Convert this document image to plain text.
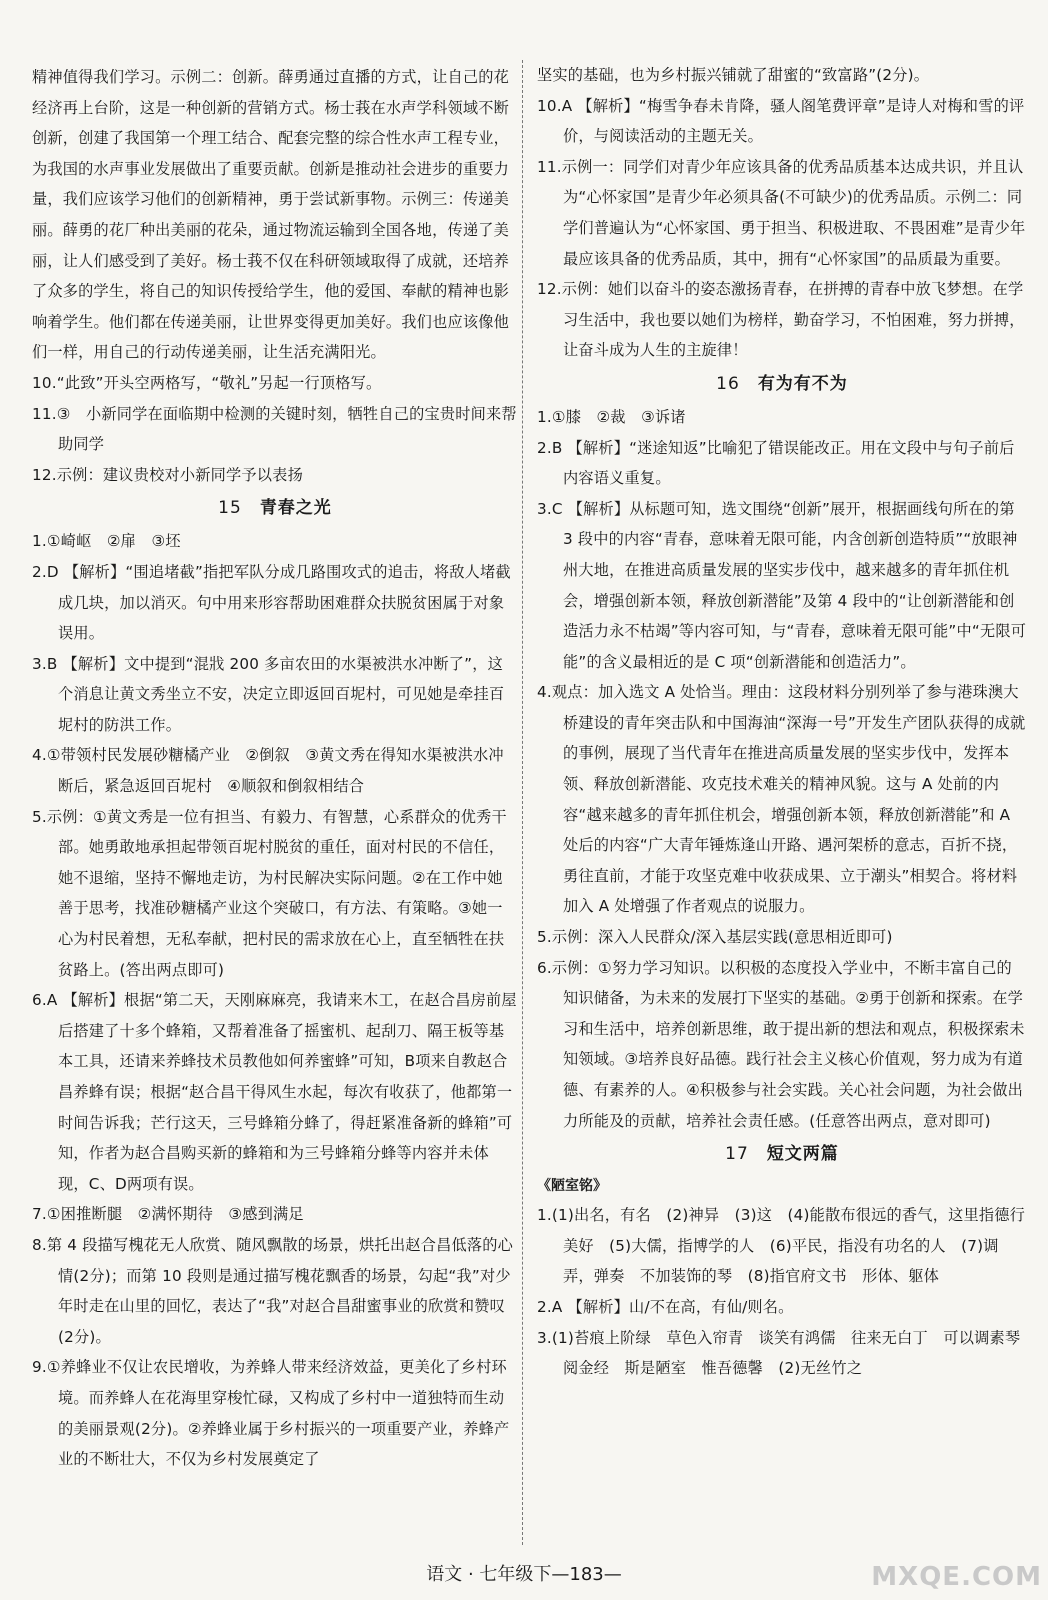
精神值得我们学习。示例二：创新。薛勇通过直播的方式，让自己的花经济再上台阶，这是一种创新的营销方式。杨士莪在水声学科领域不断创新，创建了我国第一个理工结合、配套完整的综合性水声工程专业，为我国的水声事业发展做出了重要贡献。创新是推动社会进步的重要力量，我们应该学习他们的创新精神，勇于尝试新事物。示例三：传递美丽。薛勇的花厂种出美丽的花朵，通过物流运输到全国各地，传递了美丽，让人们感受到了美好。杨士莪不仅在科研领域取得了成就，还培养了众多的学生，将自己的知识传授给学生，他的爱国、奉献的精神也影响着学生。他们都在传递美丽，让世界变得更加美好。我们也应该像他们一样，用自己的行动传递美丽，让生活充满阳光。
10.“此致”开头空两格写，“敬礼”另起一行顶格写。
11.③　小新同学在面临期中检测的关键时刻，牺牲自己的宝贵时间来帮助同学
12.示例：建议贵校对小新同学予以表扬
15 青春之光
1.①崎岖　②扉　③坯
2.D 【解析】“围追堵截”指把军队分成几路围攻式的追击，将敌人堵截成几块，加以消灭。句中用来形容帮助困难群众扶脱贫困属于对象误用。
3.B 【解析】文中提到“混戕 200 多亩农田的水渠被洪水冲断了”，这个消息让黄文秀坐立不安，决定立即返回百坭村，可见她是牵挂百坭村的防洪工作。
4.①带领村民发展砂糖橘产业　②倒叙　③黄文秀在得知水渠被洪水冲断后，紧急返回百坭村　④顺叙和倒叙相结合
5.示例：①黄文秀是一位有担当、有毅力、有智慧，心系群众的优秀干部。她勇敢地承担起带领百坭村脱贫的重任，面对村民的不信任，她不退缩，坚持不懈地走访，为村民解决实际问题。②在工作中她善于思考，找准砂糖橘产业这个突破口，有方法、有策略。③她一心为村民着想，无私奉献，把村民的需求放在心上，直至牺牲在扶贫路上。(答出两点即可)
6.A 【解析】根据“第二天，天刚麻麻亮，我请来木工，在赵合昌房前屋后搭建了十多个蜂箱，又帮着准备了摇蜜机、起刮刀、隔王板等基本工具，还请来养蜂技术员教他如何养蜜蜂”可知，B项来自教赵合昌养蜂有误；根据“赵合昌干得风生水起，每次有收获了，他都第一时间告诉我；芒行这天，三号蜂箱分蜂了，得赶紧准备新的蜂箱”可知，作者为赵合昌购买新的蜂箱和为三号蜂箱分蜂等内容并未体现，C、D两项有误。
7.①困推断腿　②满怀期待　③感到满足
8.第 4 段描写槐花无人欣赏、随风飘散的场景，烘托出赵合昌低落的心情(2分)；而第 10 段则是通过描写槐花飘香的场景，勾起“我”对少年时走在山里的回忆，表达了“我”对赵合昌甜蜜事业的欣赏和赞叹(2分)。
9.①养蜂业不仅让农民增收，为养蜂人带来经济效益，更美化了乡村环境。而养蜂人在花海里穿梭忙碌，又构成了乡村中一道独特而生动的美丽景观(2分)。②养蜂业属于乡村振兴的一项重要产业，养蜂产业的不断壮大，不仅为乡村发展奠定了
坚实的基础，也为乡村振兴铺就了甜蜜的“致富路”(2分)。
10.A 【解析】“梅雪争春未肯降，骚人阁笔费评章”是诗人对梅和雪的评价，与阅读活动的主题无关。
11.示例一：同学们对青少年应该具备的优秀品质基本达成共识，并且认为“心怀家国”是青少年必须具备(不可缺少)的优秀品质。示例二：同学们普遍认为“心怀家国、勇于担当、积极进取、不畏困难”是青少年最应该具备的优秀品质，其中，拥有“心怀家国”的品质最为重要。
12.示例：她们以奋斗的姿态激扬青春，在拼搏的青春中放飞梦想。在学习生活中，我也要以她们为榜样，勤奋学习，不怕困难，努力拼搏，让奋斗成为人生的主旋律！
16 有为有不为
1.①膝　②裁　③诉诸
2.B 【解析】“迷途知返”比喻犯了错误能改正。用在文段中与句子前后内容语义重复。
3.C 【解析】从标题可知，选文围绕“创新”展开，根据画线句所在的第 3 段中的内容“青春，意味着无限可能，内含创新创造特质”“放眼神州大地，在推进高质量发展的坚实步伐中，越来越多的青年抓住机会，增强创新本领，释放创新潜能”及第 4 段中的“让创新潜能和创造活力永不枯竭”等内容可知，与“青春，意味着无限可能”中“无限可能”的含义最相近的是 C 项“创新潜能和创造活力”。
4.观点：加入选文 A 处恰当。理由：这段材料分别列举了参与港珠澳大桥建设的青年突击队和中国海油“深海一号”开发生产团队获得的成就的事例，展现了当代青年在推进高质量发展的坚实步伐中，发挥本领、释放创新潜能、攻克技术难关的精神风貌。这与 A 处前的内容“越来越多的青年抓住机会，增强创新本领，释放创新潜能”和 A 处后的内容“广大青年锤炼逢山开路、遇河架桥的意志，百折不挠，勇往直前，才能于攻坚克难中收获成果、立于潮头”相契合。将材料加入 A 处增强了作者观点的说服力。
5.示例：深入人民群众/深入基层实践(意思相近即可)
6.示例：①努力学习知识。以积极的态度投入学业中，不断丰富自己的知识储备，为未来的发展打下坚实的基础。②勇于创新和探索。在学习和生活中，培养创新思维，敢于提出新的想法和观点，积极探索未知领域。③培养良好品德。践行社会主义核心价值观，努力成为有道德、有素养的人。④积极参与社会实践。关心社会问题，为社会做出力所能及的贡献，培养社会责任感。(任意答出两点，意对即可)
17 短文两篇
《陋室铭》
1.(1)出名，有名　(2)神异　(3)这　(4)能散布很远的香气，这里指德行美好　(5)大儒，指博学的人　(6)平民，指没有功名的人　(7)调弄，弹奏　不加装饰的琴　(8)指官府文书　形体、躯体
2.A 【解析】山/不在高，有仙/则名。
3.(1)苔痕上阶绿　草色入帘青　谈笑有鸿儒　往来无白丁　可以调素琴　阅金经　斯是陋室　惟吾德馨　(2)无丝竹之
语文 · 七年级下—183—	MXQE.COM
